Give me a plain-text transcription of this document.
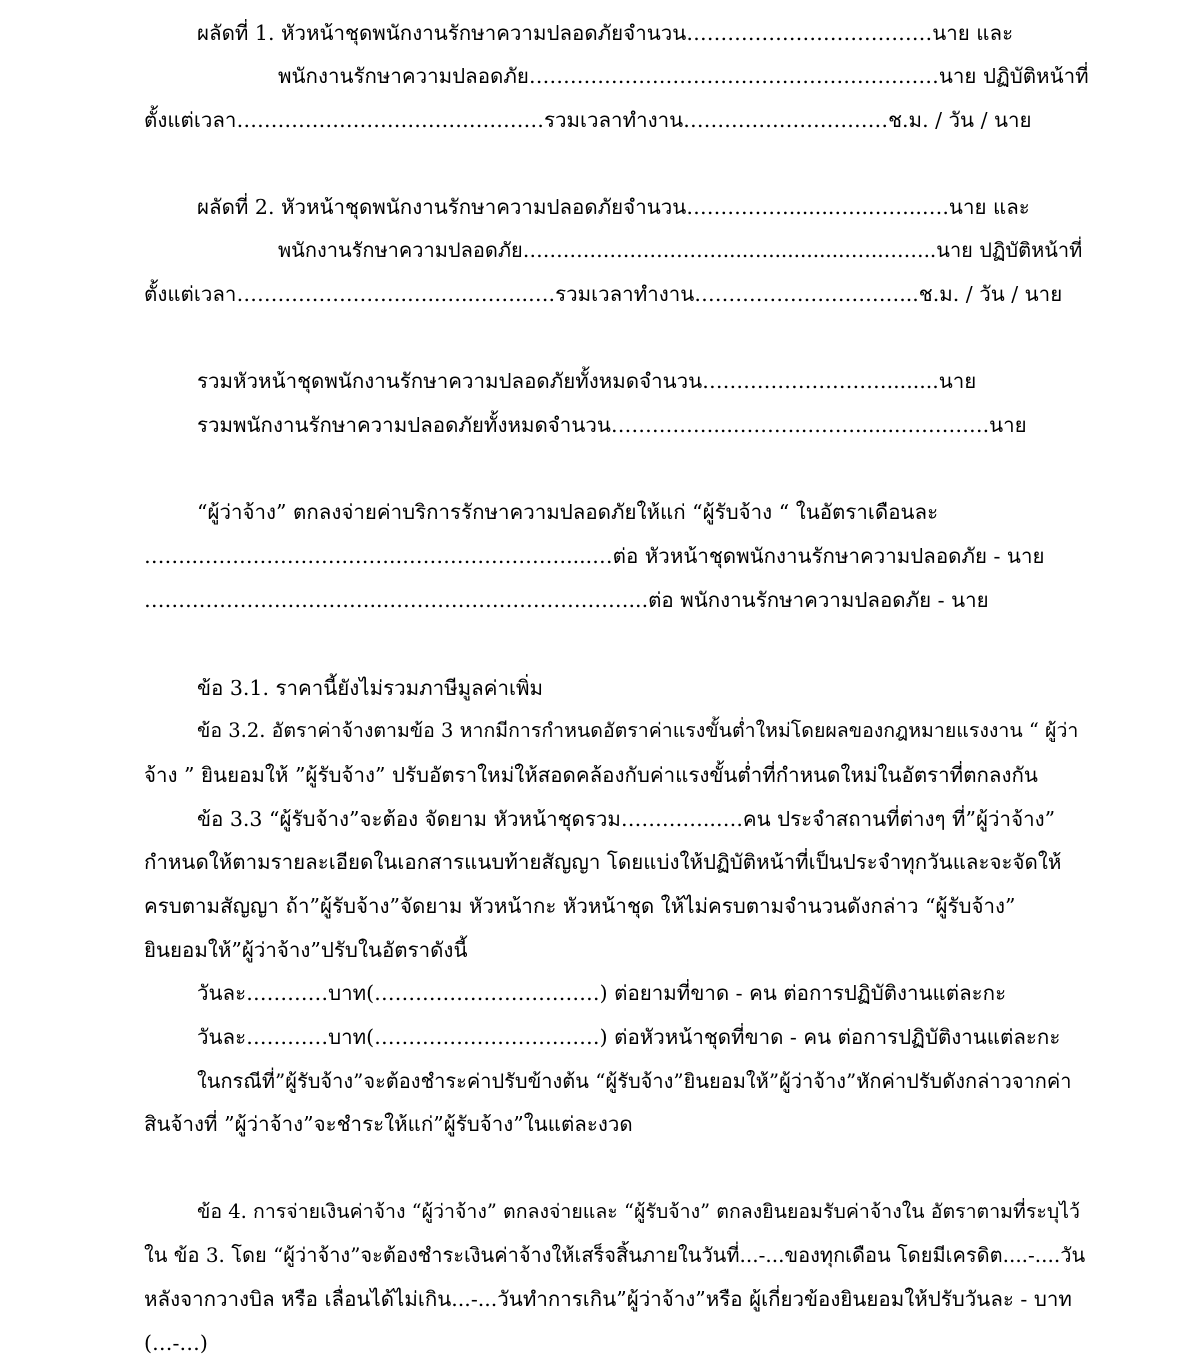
ผลัดที่ 1. หัวหน้าชุดพนักงานรักษาความปลอดภัยจำนวน………………………………นาย และ

พนักงานรักษาความปลอดภัย……………………………………………………นาย ปฏิบัติหน้าที่

ตั้งแต่เวลา………………………………………รวมเวลาทำงาน…………………………ช.ม. / วัน / นาย

ผลัดที่ 2. หัวหน้าชุดพนักงานรักษาความปลอดภัยจำนวน…………….......…..……..….นาย และ

พนักงานรักษาความปลอดภัย…………………………....….............…..……..นาย ปฏิบัติหน้าที่

ตั้งแต่เวลา…………………….…..…..……..….รวมเวลาทำงาน…………………………...ช.ม. / วัน / นาย

รวมหัวหน้าชุดพนักงานรักษาความปลอดภัยทั้งหมดจำนวน………………………........นาย

รวมพนักงานรักษาความปลอดภัยทั้งหมดจำนวน……………...………..……........………….นาย

“ผู้ว่าจ้าง” ตกลงจ่ายค่าบริการรักษาความปลอดภัยให้แก่ “ผู้รับจ้าง “ ในอัตราเดือนละ

……..………………….……..……………………....…ต่อ หัวหน้าชุดพนักงานรักษาความปลอดภัย - นาย

……………………………..………………………………...ต่อ พนักงานรักษาความปลอดภัย - นาย

ข้อ 3.1. ราคานี้ยังไม่รวมภาษีมูลค่าเพิ่ม

ข้อ 3.2. อัตราค่าจ้างตามข้อ 3 หากมีการกำหนดอัตราค่าแรงขั้นต่ำใหม่โดยผลของกฎหมายแรงงาน “ ผู้ว่า

จ้าง ” ยินยอมให้ ”ผู้รับจ้าง” ปรับอัตราใหม่ให้สอดคล้องกับค่าแรงขั้นต่ำที่กำหนดใหม่ในอัตราที่ตกลงกัน

ข้อ 3.3 “ผู้รับจ้าง”จะต้อง จัดยาม หัวหน้าชุดรวม…………..….คน ประจำสถานที่ต่างๆ ที่”ผู้ว่าจ้าง”

กำหนดให้ตามรายละเอียดในเอกสารแนบท้ายสัญญา โดยแบ่งให้ปฏิบัติหน้าที่เป็นประจำทุกวันและจะจัดให้

ครบตามสัญญา ถ้า”ผู้รับจ้าง”จัดยาม หัวหน้ากะ หัวหน้าชุด ให้ไม่ครบตามจำนวนดังกล่าว “ผู้รับจ้าง”

ยินยอมให้”ผู้ว่าจ้าง”ปรับในอัตราดังนี้

วันละ…………บาท(……………………………) ต่อยามที่ขาด - คน ต่อการปฏิบัติงานแต่ละกะ

วันละ…………บาท(……………………………) ต่อหัวหน้าชุดที่ขาด - คน ต่อการปฏิบัติงานแต่ละกะ

ในกรณีที่”ผู้รับจ้าง”จะต้องชำระค่าปรับข้างต้น “ผู้รับจ้าง”ยินยอมให้”ผู้ว่าจ้าง”หักค่าปรับดังกล่าวจากค่า

สินจ้างที่ ”ผู้ว่าจ้าง”จะชำระให้แก่”ผู้รับจ้าง”ในแต่ละงวด

ข้อ 4. การจ่ายเงินค่าจ้าง “ผู้ว่าจ้าง” ตกลงจ่ายและ “ผู้รับจ้าง” ตกลงยินยอมรับค่าจ้างใน อัตราตามที่ระบุไว้

ใน ข้อ 3. โดย “ผู้ว่าจ้าง”จะต้องชำระเงินค่าจ้างให้เสร็จสิ้นภายในวันที่...-...ของทุกเดือน โดยมีเครดิต....-....วัน

หลังจากวางบิล หรือ เลื่อนได้ไม่เกิน...-...วันทำการเกิน”ผู้ว่าจ้าง”หรือ ผู้เกี่ยวข้องยินยอมให้ปรับวันละ - บาท

(…-…)
